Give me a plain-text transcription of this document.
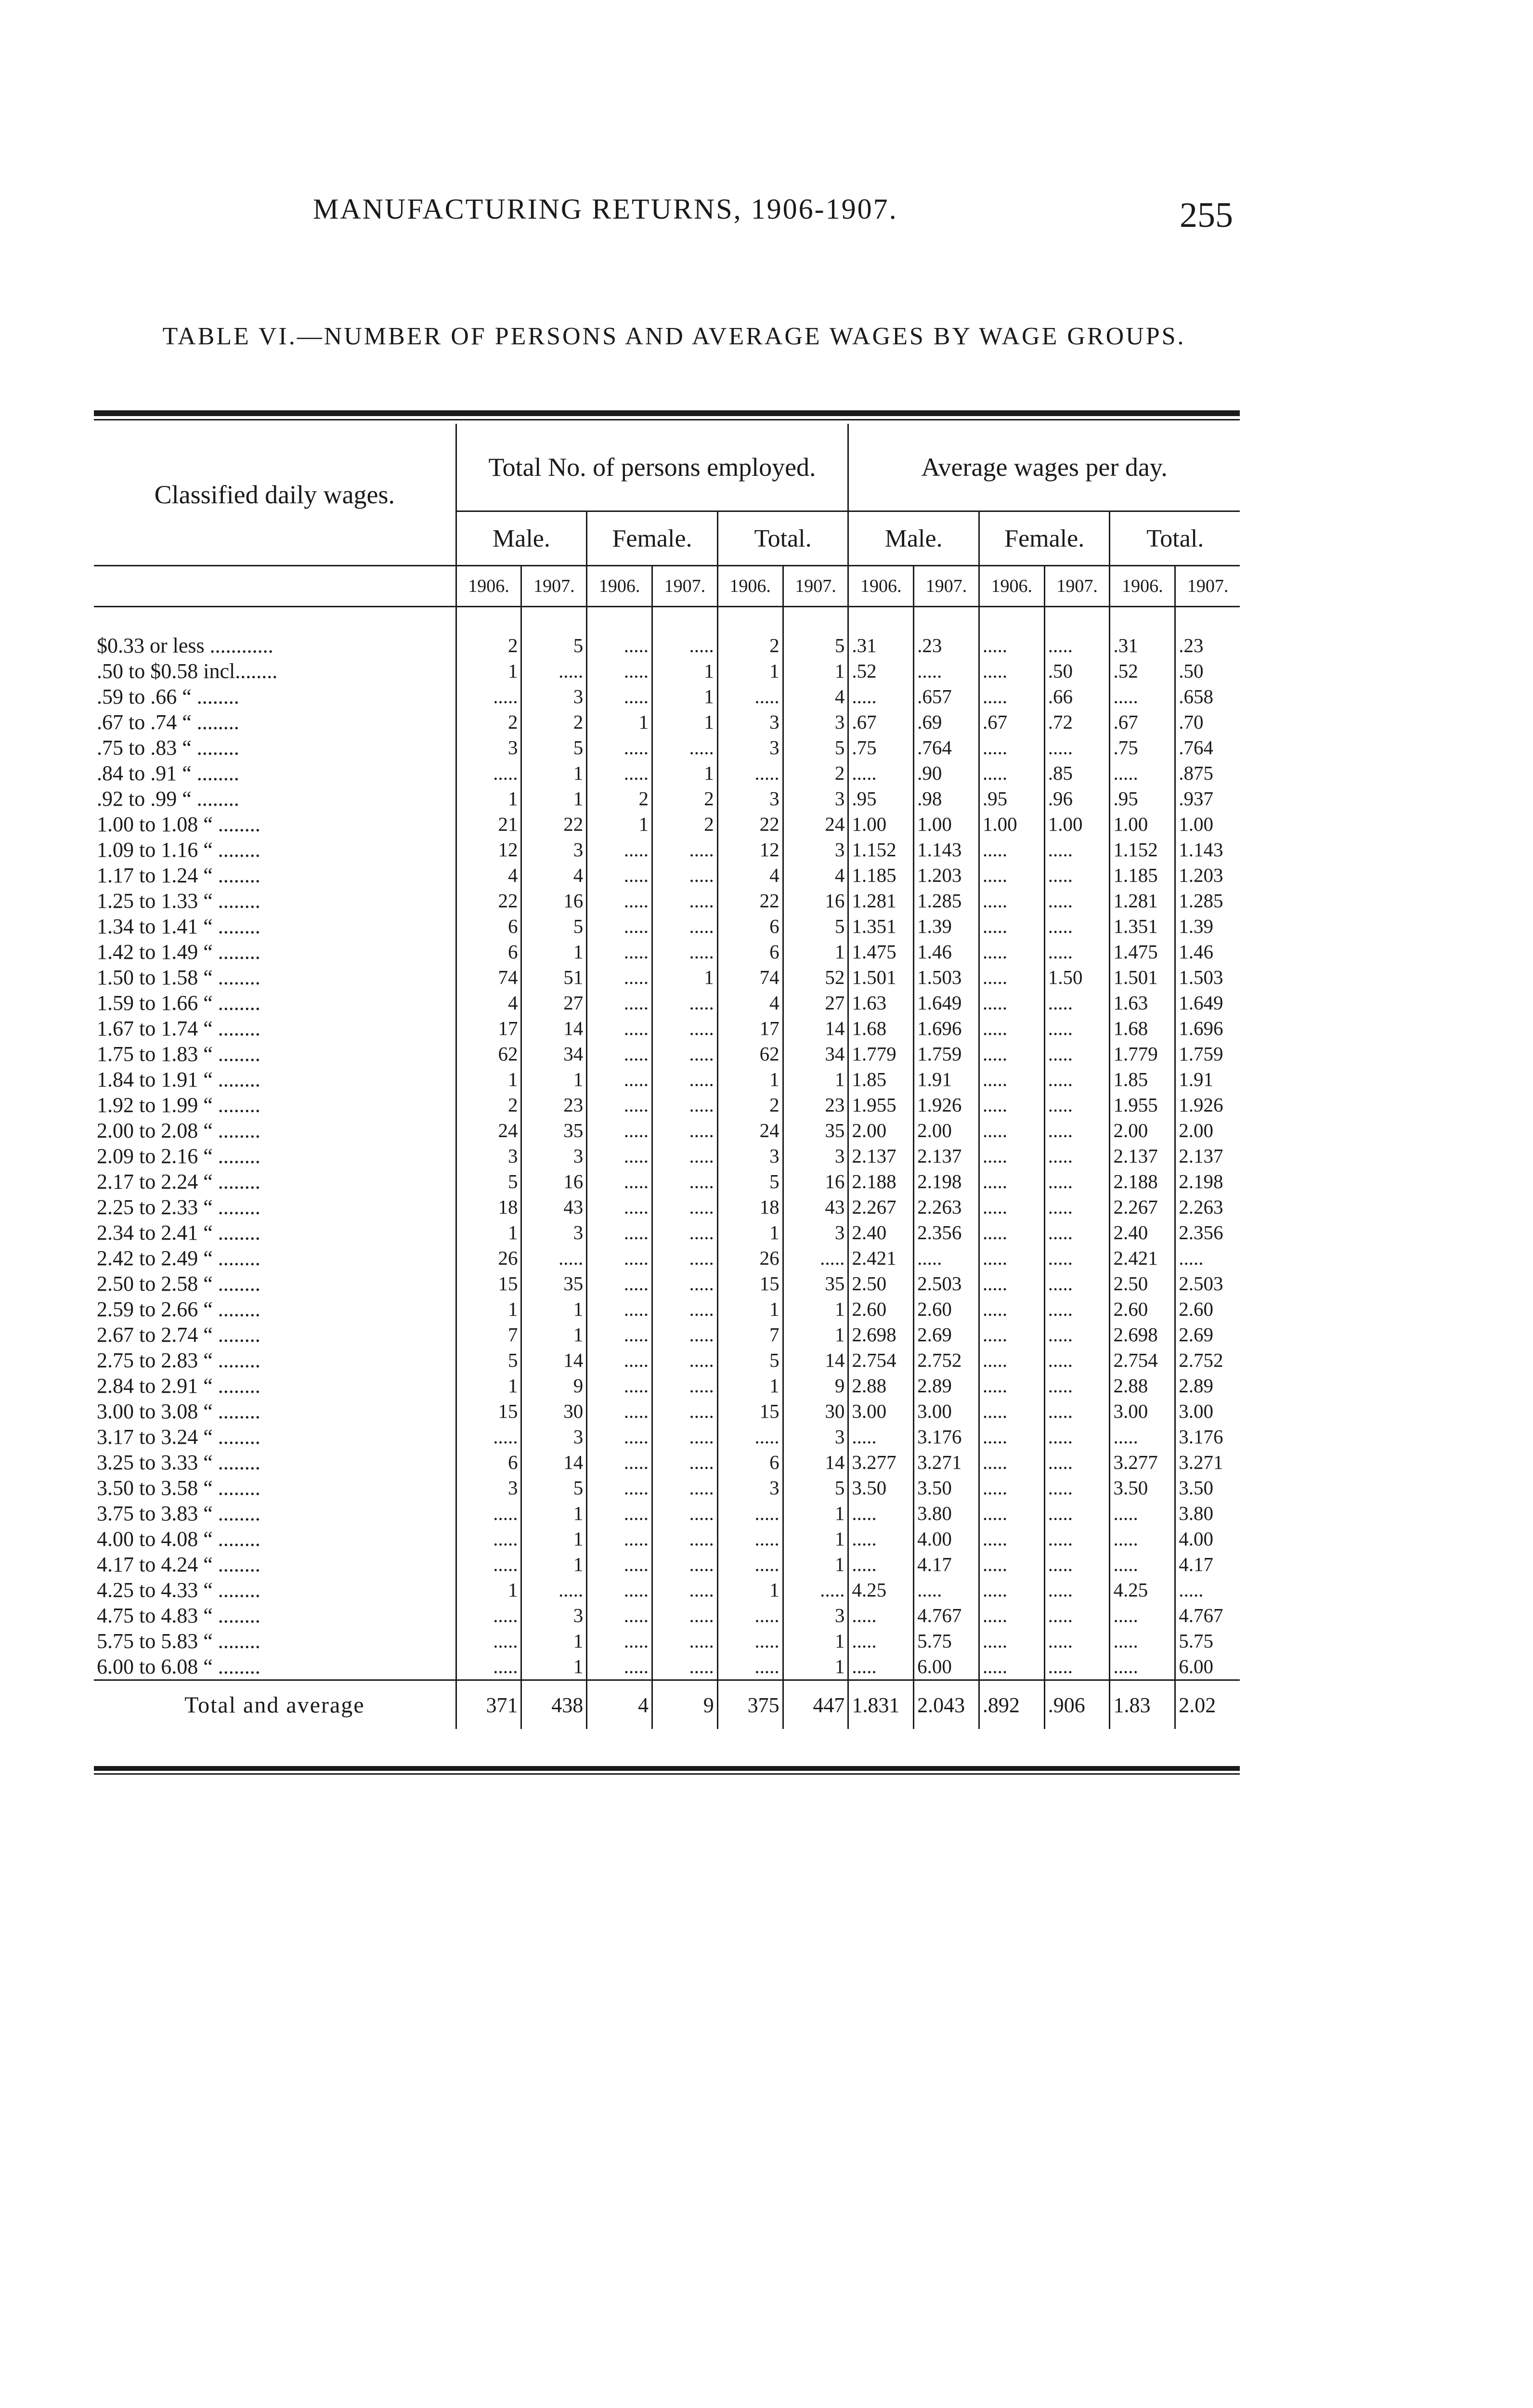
MANUFACTURING RETURNS, 1906-1907.	255
TABLE VI.—NUMBER OF PERSONS AND AVERAGE WAGES BY WAGE GROUPS.
Classified daily wages.	Total No. of persons employed.						Average wages per day.					
	Male.		Female.		Total.		Male.		Female.		Total.	
	1906.	1907.	1906.	1907.	1906.	1907.	1906.	1907.	1906.	1907.	1906.	1907.

$0.33 or less ............	2	5	.....	.....	2	5	.31	.23	.....	.....	.31	.23
.50 to $0.58 incl........	1	.....	.....	1	1	1	.52	.....	.....	.50	.52	.50
.59 to .66 “ ........	.....	3	.....	1	.....	4	.....	.657	.....	.66	.....	.658
.67 to .74 “ ........	2	2	1	1	3	3	.67	.69	.67	.72	.67	.70
.75 to .83 “ ........	3	5	.....	.....	3	5	.75	.764	.....	.....	.75	.764
.84 to .91 “ ........	.....	1	.....	1	.....	2	.....	.90	.....	.85	.....	.875
.92 to .99 “ ........	1	1	2	2	3	3	.95	.98	.95	.96	.95	.937
1.00 to 1.08 “ ........	21	22	1	2	22	24	1.00	1.00	1.00	1.00	1.00	1.00
1.09 to 1.16 “ ........	12	3	.....	.....	12	3	1.152	1.143	.....	.....	1.152	1.143
1.17 to 1.24 “ ........	4	4	.....	.....	4	4	1.185	1.203	.....	.....	1.185	1.203
1.25 to 1.33 “ ........	22	16	.....	.....	22	16	1.281	1.285	.....	.....	1.281	1.285
1.34 to 1.41 “ ........	6	5	.....	.....	6	5	1.351	1.39	.....	.....	1.351	1.39
1.42 to 1.49 “ ........	6	1	.....	.....	6	1	1.475	1.46	.....	.....	1.475	1.46
1.50 to 1.58 “ ........	74	51	.....	1	74	52	1.501	1.503	.....	1.50	1.501	1.503
1.59 to 1.66 “ ........	4	27	.....	.....	4	27	1.63	1.649	.....	.....	1.63	1.649
1.67 to 1.74 “ ........	17	14	.....	.....	17	14	1.68	1.696	.....	.....	1.68	1.696
1.75 to 1.83 “ ........	62	34	.....	.....	62	34	1.779	1.759	.....	.....	1.779	1.759
1.84 to 1.91 “ ........	1	1	.....	.....	1	1	1.85	1.91	.....	.....	1.85	1.91
1.92 to 1.99 “ ........	2	23	.....	.....	2	23	1.955	1.926	.....	.....	1.955	1.926
2.00 to 2.08 “ ........	24	35	.....	.....	24	35	2.00	2.00	.....	.....	2.00	2.00
2.09 to 2.16 “ ........	3	3	.....	.....	3	3	2.137	2.137	.....	.....	2.137	2.137
2.17 to 2.24 “ ........	5	16	.....	.....	5	16	2.188	2.198	.....	.....	2.188	2.198
2.25 to 2.33 “ ........	18	43	.....	.....	18	43	2.267	2.263	.....	.....	2.267	2.263
2.34 to 2.41 “ ........	1	3	.....	.....	1	3	2.40	2.356	.....	.....	2.40	2.356
2.42 to 2.49 “ ........	26	.....	.....	.....	26	.....	2.421	.....	.....	.....	2.421	.....
2.50 to 2.58 “ ........	15	35	.....	.....	15	35	2.50	2.503	.....	.....	2.50	2.503
2.59 to 2.66 “ ........	1	1	.....	.....	1	1	2.60	2.60	.....	.....	2.60	2.60
2.67 to 2.74 “ ........	7	1	.....	.....	7	1	2.698	2.69	.....	.....	2.698	2.69
2.75 to 2.83 “ ........	5	14	.....	.....	5	14	2.754	2.752	.....	.....	2.754	2.752
2.84 to 2.91 “ ........	1	9	.....	.....	1	9	2.88	2.89	.....	.....	2.88	2.89
3.00 to 3.08 “ ........	15	30	.....	.....	15	30	3.00	3.00	.....	.....	3.00	3.00
3.17 to 3.24 “ ........	.....	3	.....	.....	.....	3	.....	3.176	.....	.....	.....	3.176
3.25 to 3.33 “ ........	6	14	.....	.....	6	14	3.277	3.271	.....	.....	3.277	3.271
3.50 to 3.58 “ ........	3	5	.....	.....	3	5	3.50	3.50	.....	.....	3.50	3.50
3.75 to 3.83 “ ........	.....	1	.....	.....	.....	1	.....	3.80	.....	.....	.....	3.80
4.00 to 4.08 “ ........	.....	1	.....	.....	.....	1	.....	4.00	.....	.....	.....	4.00
4.17 to 4.24 “ ........	.....	1	.....	.....	.....	1	.....	4.17	.....	.....	.....	4.17
4.25 to 4.33 “ ........	1	.....	.....	.....	1	.....	4.25	.....	.....	.....	4.25	.....
4.75 to 4.83 “ ........	.....	3	.....	.....	.....	3	.....	4.767	.....	.....	.....	4.767
5.75 to 5.83 “ ........	.....	1	.....	.....	.....	1	.....	5.75	.....	.....	.....	5.75
6.00 to 6.08 “ ........	.....	1	.....	.....	.....	1	.....	6.00	.....	.....	.....	6.00
Total and average	371	438	4	9	375	447	1.831	2.043	.892	.906	1.83	2.02
